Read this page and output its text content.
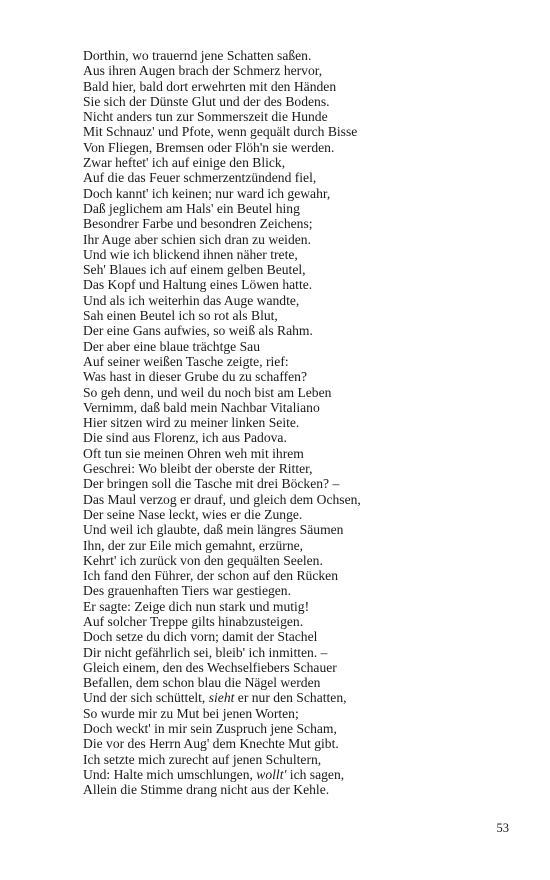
Dorthin, wo trauernd jene Schatten saßen.
Aus ihren Augen brach der Schmerz hervor,
Bald hier, bald dort erwehrten mit den Händen
Sie sich der Dünste Glut und der des Bodens.
Nicht anders tun zur Sommerszeit die Hunde
Mit Schnauz' und Pfote, wenn gequält durch Bisse
Von Fliegen, Bremsen oder Flöh'n sie werden.
Zwar heftet' ich auf einige den Blick,
Auf die das Feuer schmerzentzündend fiel,
Doch kannt' ich keinen; nur ward ich gewahr,
Daß jeglichem am Hals' ein Beutel hing
Besondrer Farbe und besondren Zeichens;
Ihr Auge aber schien sich dran zu weiden.
Und wie ich blickend ihnen näher trete,
Seh' Blaues ich auf einem gelben Beutel,
Das Kopf und Haltung eines Löwen hatte.
Und als ich weiterhin das Auge wandte,
Sah einen Beutel ich so rot als Blut,
Der eine Gans aufwies, so weiß als Rahm.
Der aber eine blaue trächtge Sau
Auf seiner weißen Tasche zeigte, rief:
Was hast in dieser Grube du zu schaffen?
So geh denn, und weil du noch bist am Leben
Vernimm, daß bald mein Nachbar Vitaliano
Hier sitzen wird zu meiner linken Seite.
Die sind aus Florenz, ich aus Padova.
Oft tun sie meinen Ohren weh mit ihrem
Geschrei: Wo bleibt der oberste der Ritter,
Der bringen soll die Tasche mit drei Böcken? –
Das Maul verzog er drauf, und gleich dem Ochsen,
Der seine Nase leckt, wies er die Zunge.
Und weil ich glaubte, daß mein längres Säumen
Ihn, der zur Eile mich gemahnt, erzürne,
Kehrt' ich zurück von den gequälten Seelen.
Ich fand den Führer, der schon auf den Rücken
Des grauenhaften Tiers war gestiegen.
Er sagte: Zeige dich nun stark und mutig!
Auf solcher Treppe gilts hinabzusteigen.
Doch setze du dich vorn; damit der Stachel
Dir nicht gefährlich sei, bleib' ich inmitten. –
Gleich einem, den des Wechselfiebers Schauer
Befallen, dem schon blau die Nägel werden
Und der sich schüttelt, sieht er nur den Schatten,
So wurde mir zu Mut bei jenen Worten;
Doch weckt' in mir sein Zuspruch jene Scham,
Die vor des Herrn Aug' dem Knechte Mut gibt.
Ich setzte mich zurecht auf jenen Schultern,
Und: Halte mich umschlungen, wollt' ich sagen,
Allein die Stimme drang nicht aus der Kehle.
53
